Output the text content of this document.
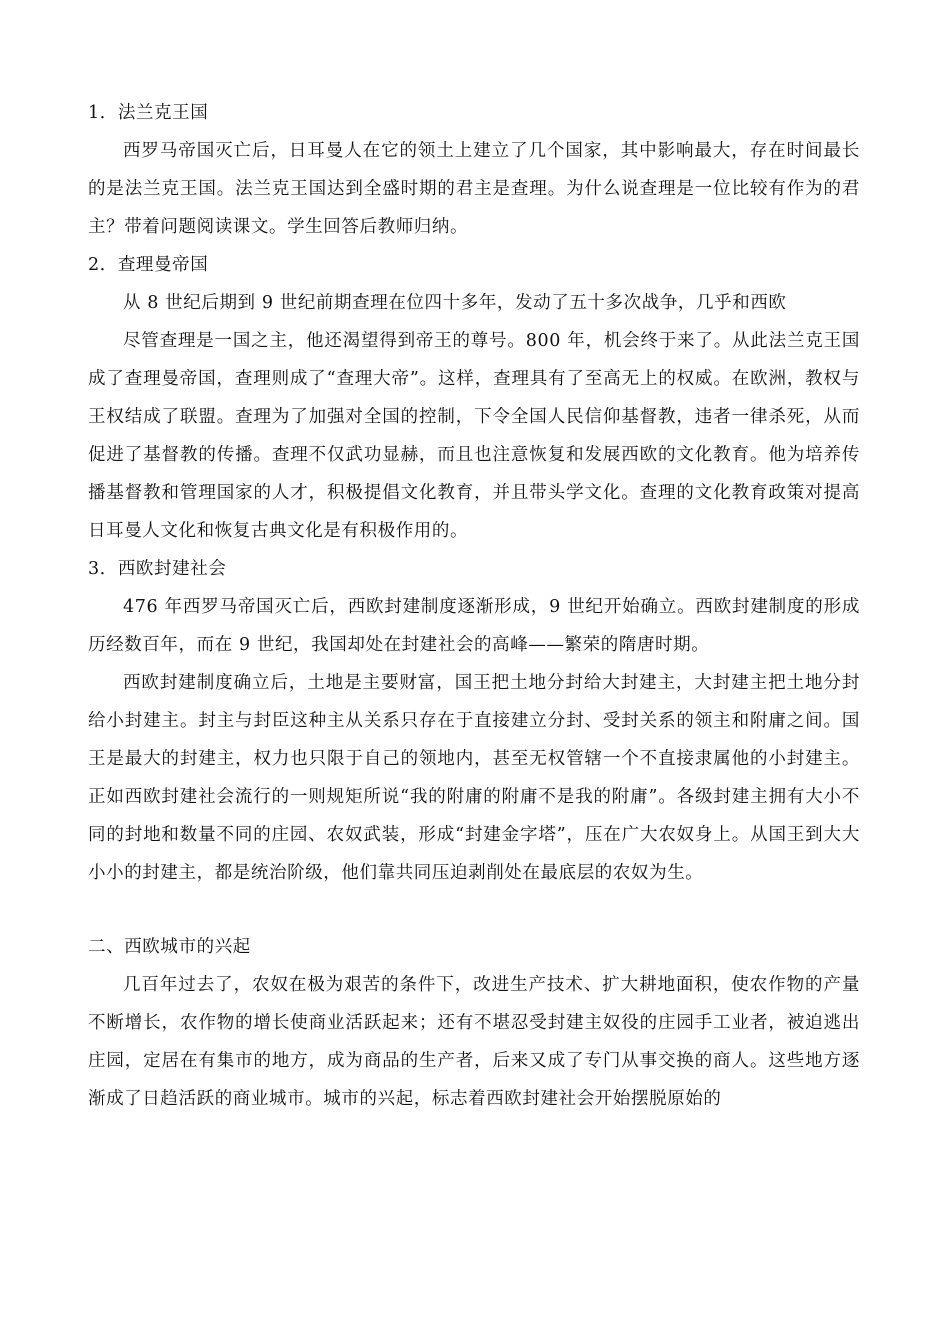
1．法兰克王国

西罗马帝国灭亡后，日耳曼人在它的领土上建立了几个国家，其中影响最大，存在时间最长的是法兰克王国。法兰克王国达到全盛时期的君主是查理。为什么说查理是一位比较有作为的君主？带着问题阅读课文。学生回答后教师归纳。

2．查理曼帝国

从 8 世纪后期到 9 世纪前期查理在位四十多年，发动了五十多次战争，几乎和西欧

尽管查理是一国之主，他还渴望得到帝王的尊号。800 年，机会终于来了。从此法兰克王国成了查理曼帝国，查理则成了“查理大帝”。这样，查理具有了至高无上的权威。在欧洲，教权与王权结成了联盟。查理为了加强对全国的控制，下令全国人民信仰基督教，违者一律杀死，从而促进了基督教的传播。查理不仅武功显赫，而且也注意恢复和发展西欧的文化教育。他为培养传播基督教和管理国家的人才，积极提倡文化教育，并且带头学文化。查理的文化教育政策对提高日耳曼人文化和恢复古典文化是有积极作用的。

3．西欧封建社会

476 年西罗马帝国灭亡后，西欧封建制度逐渐形成，9 世纪开始确立。西欧封建制度的形成历经数百年，而在 9 世纪，我国却处在封建社会的高峰——繁荣的隋唐时期。

西欧封建制度确立后，土地是主要财富，国王把土地分封给大封建主，大封建主把土地分封给小封建主。封主与封臣这种主从关系只存在于直接建立分封、受封关系的领主和附庸之间。国王是最大的封建主，权力也只限于自己的领地内，甚至无权管辖一个不直接隶属他的小封建主。正如西欧封建社会流行的一则规矩所说“我的附庸的附庸不是我的附庸”。各级封建主拥有大小不同的封地和数量不同的庄园、农奴武装，形成“封建金字塔”，压在广大农奴身上。从国王到大大小小的封建主，都是统治阶级，他们靠共同压迫剥削处在最底层的农奴为生。

二、西欧城市的兴起

几百年过去了，农奴在极为艰苦的条件下，改进生产技术、扩大耕地面积，使农作物的产量不断增长，农作物的增长使商业活跃起来；还有不堪忍受封建主奴役的庄园手工业者，被迫逃出庄园，定居在有集市的地方，成为商品的生产者，后来又成了专门从事交换的商人。这些地方逐渐成了日趋活跃的商业城市。城市的兴起，标志着西欧封建社会开始摆脱原始的
